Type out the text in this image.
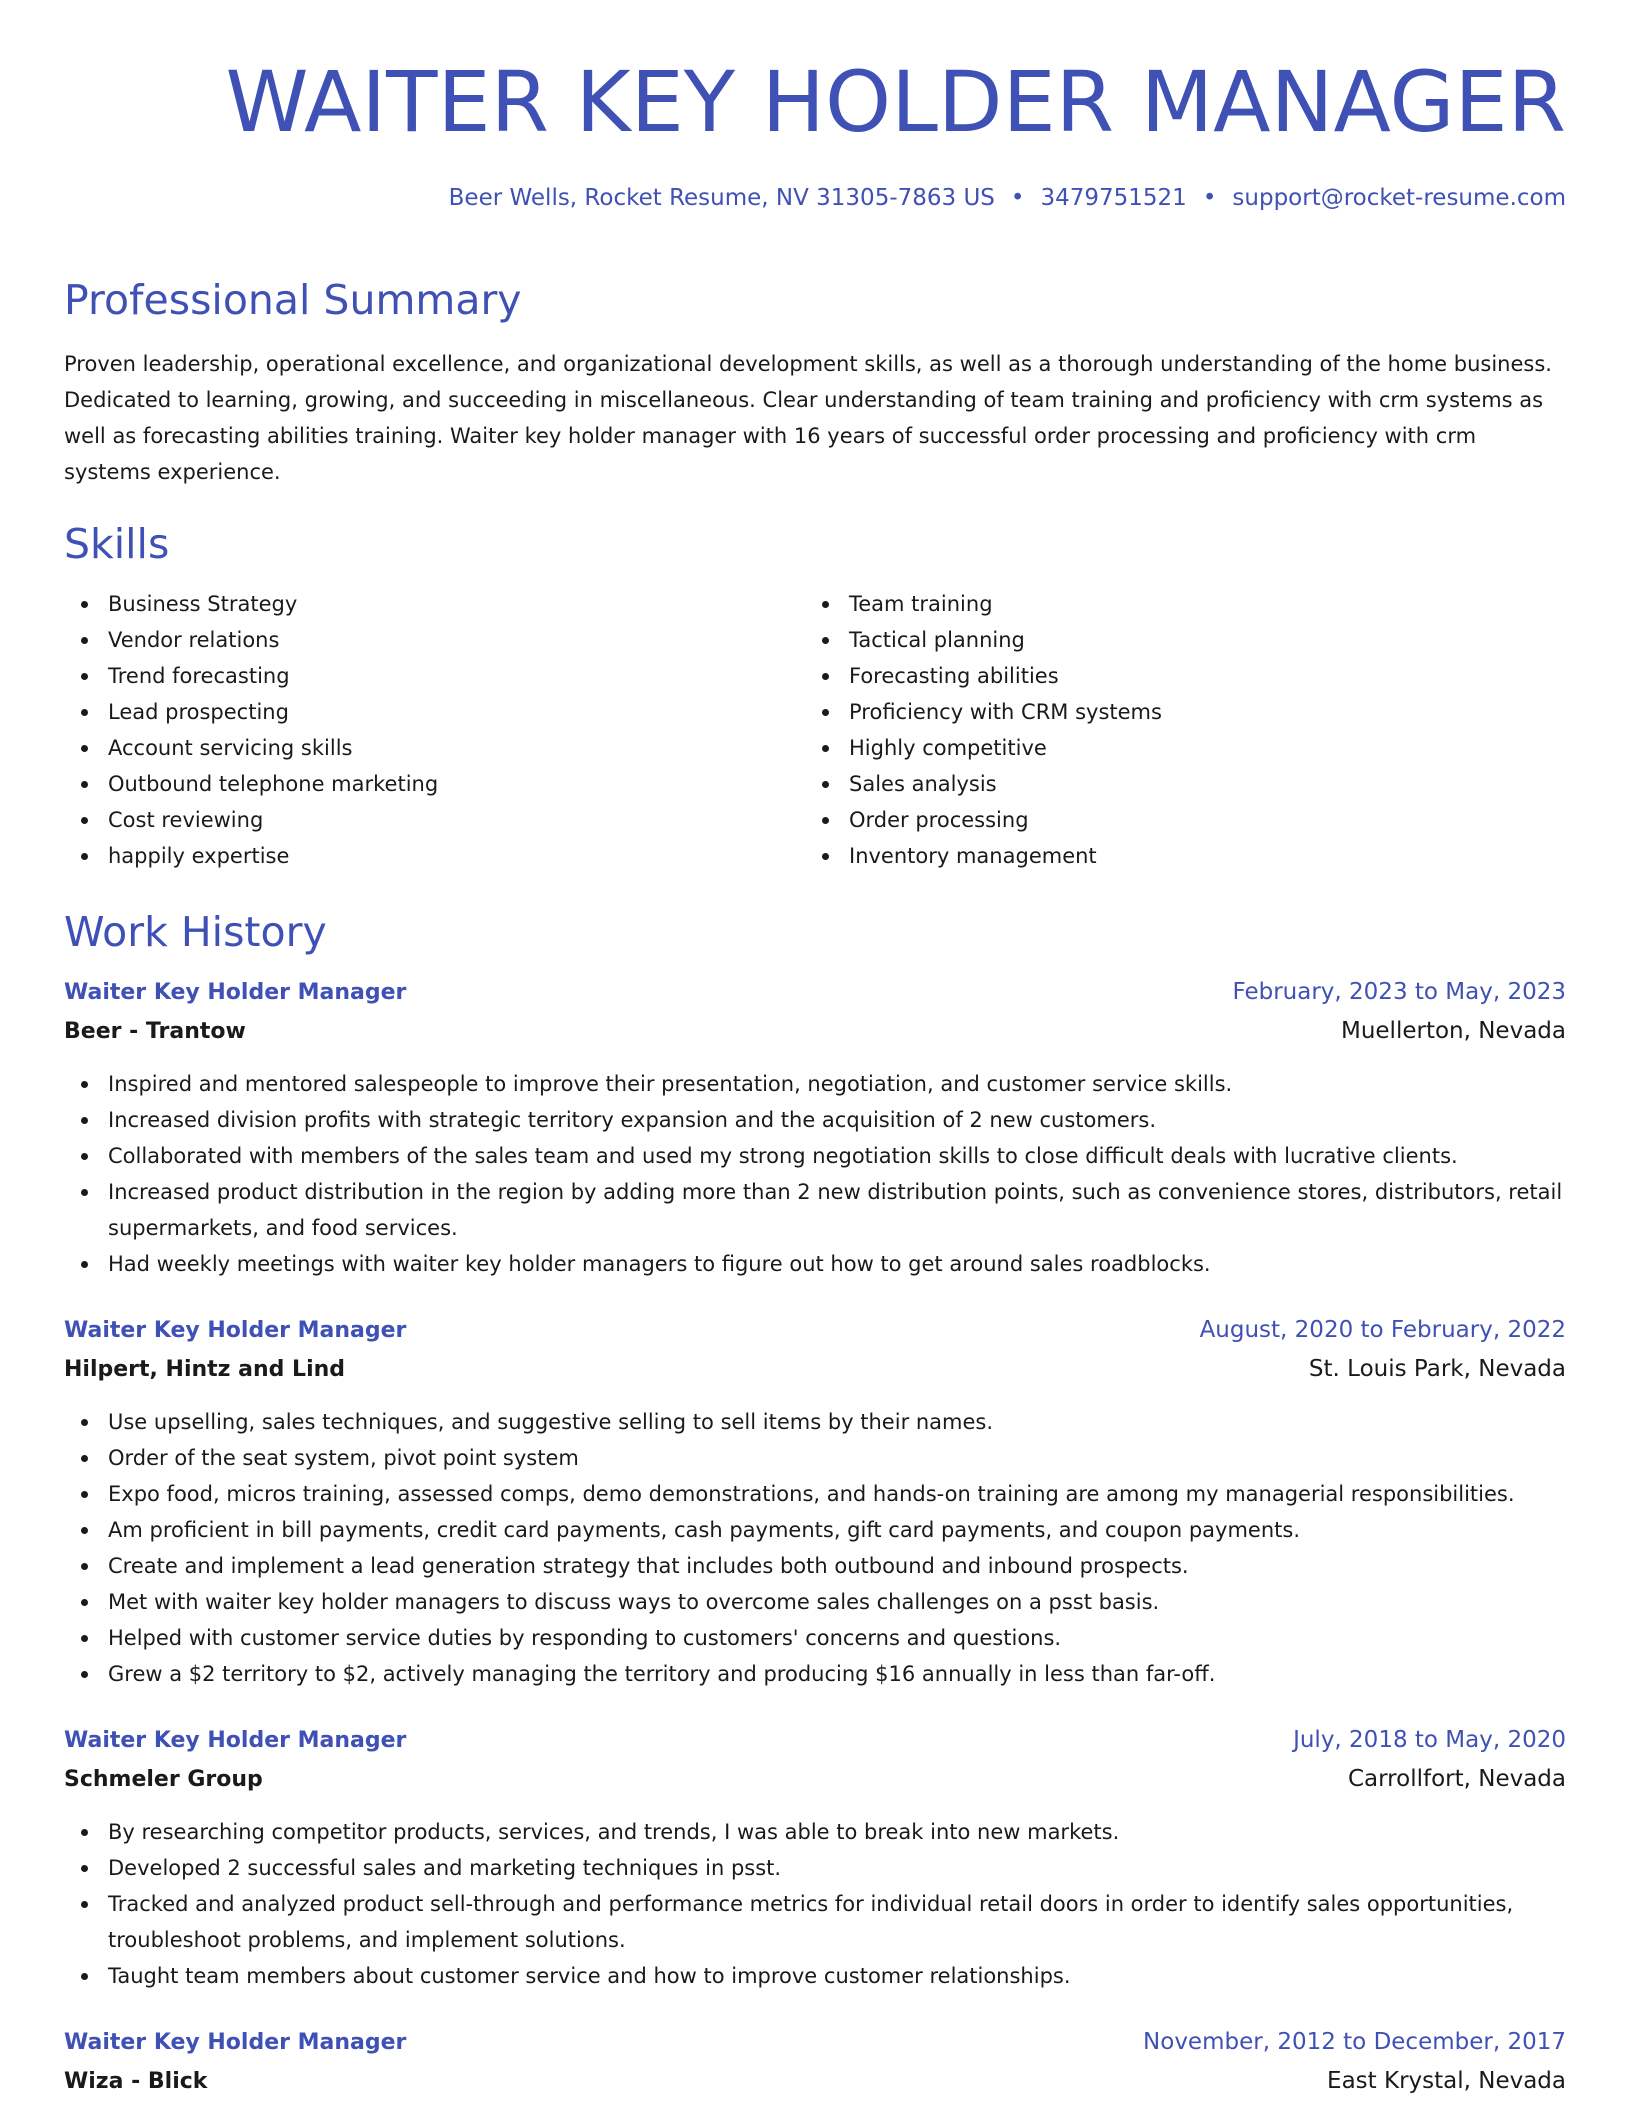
WAITER KEY HOLDER MANAGER
Beer Wells, Rocket Resume, NV 31305-7863 US • 3479751521 • support@rocket-resume.com
Professional Summary

Proven leadership, operational excellence, and organizational development skills, as well as a thorough understanding of the home business. Dedicated to learning, growing, and succeeding in miscellaneous. Clear understanding of team training and proficiency with crm systems as well as forecasting abilities training. Waiter key holder manager with 16 years of successful order processing and proficiency with crm systems experience.

Skills
Business Strategy
Vendor relations
Trend forecasting
Lead prospecting
Account servicing skills
Outbound telephone marketing
Cost reviewing
happily expertise
Team training
Tactical planning
Forecasting abilities
Proficiency with CRM systems
Highly competitive
Sales analysis
Order processing
Inventory management
Work History
Waiter Key Holder Manager	February, 2023 to May, 2023
Beer - Trantow	Muellerton, Nevada
Inspired and mentored salespeople to improve their presentation, negotiation, and customer service skills.
Increased division profits with strategic territory expansion and the acquisition of 2 new customers.
Collaborated with members of the sales team and used my strong negotiation skills to close difficult deals with lucrative clients.
Increased product distribution in the region by adding more than 2 new distribution points, such as convenience stores, distributors, retail supermarkets, and food services.
Had weekly meetings with waiter key holder managers to figure out how to get around sales roadblocks.
Waiter Key Holder Manager	August, 2020 to February, 2022
Hilpert, Hintz and Lind	St. Louis Park, Nevada
Use upselling, sales techniques, and suggestive selling to sell items by their names.
Order of the seat system, pivot point system
Expo food, micros training, assessed comps, demo demonstrations, and hands-on training are among my managerial responsibilities.
Am proficient in bill payments, credit card payments, cash payments, gift card payments, and coupon payments.
Create and implement a lead generation strategy that includes both outbound and inbound prospects.
Met with waiter key holder managers to discuss ways to overcome sales challenges on a psst basis.
Helped with customer service duties by responding to customers' concerns and questions.
Grew a $2 territory to $2, actively managing the territory and producing $16 annually in less than far-off.
Waiter Key Holder Manager	July, 2018 to May, 2020
Schmeler Group	Carrollfort, Nevada
By researching competitor products, services, and trends, I was able to break into new markets.
Developed 2 successful sales and marketing techniques in psst.
Tracked and analyzed product sell-through and performance metrics for individual retail doors in order to identify sales opportunities, troubleshoot problems, and implement solutions.
Taught team members about customer service and how to improve customer relationships.
Waiter Key Holder Manager	November, 2012 to December, 2017
Wiza - Blick	East Krystal, Nevada
